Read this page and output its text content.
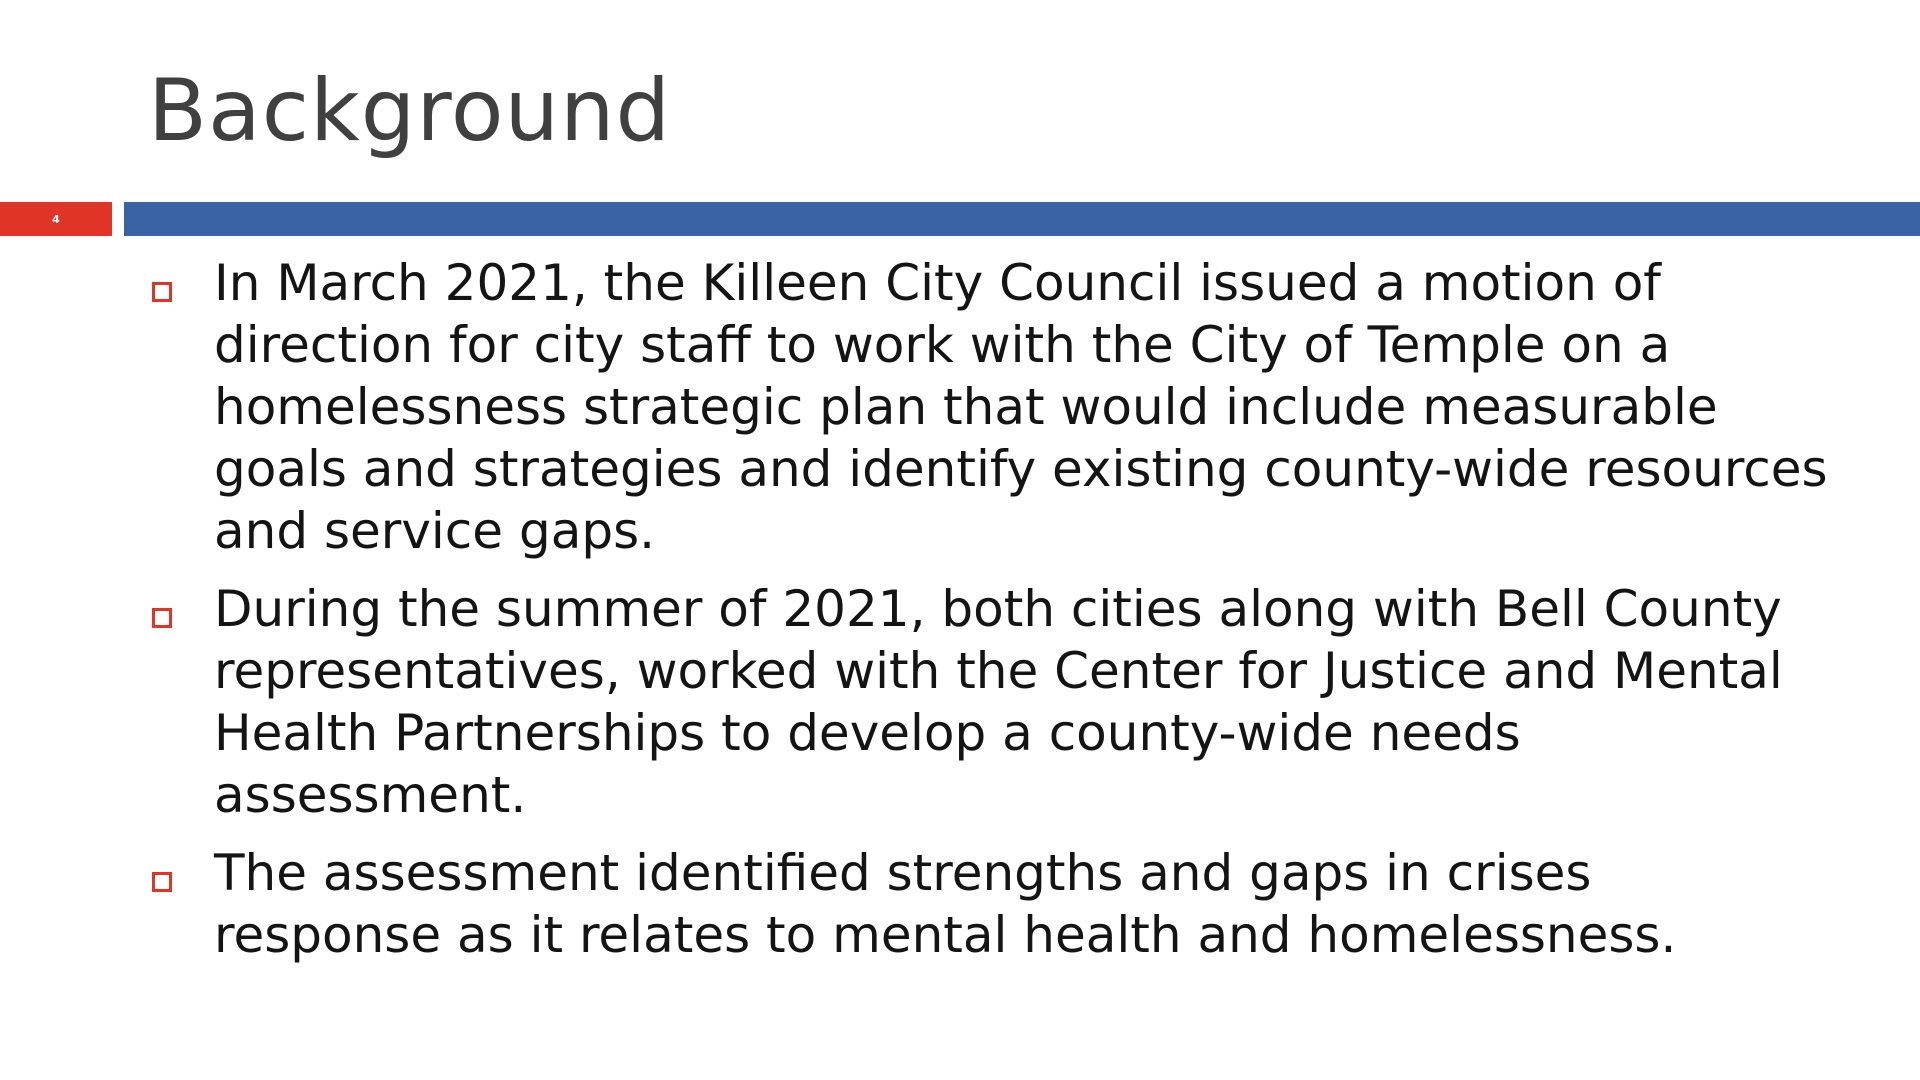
Background
4
In March 2021, the Killeen City Council issued a motion of direction for city staff to work with the City of Temple on a homelessness strategic plan that would include measurable goals and strategies and identify existing county-wide resources and service gaps.
During the summer of 2021, both cities along with Bell County representatives, worked with the Center for Justice and Mental Health Partnerships to develop a county-wide needs assessment.
The assessment identified strengths and gaps in crises response as it relates to mental health and homelessness.
